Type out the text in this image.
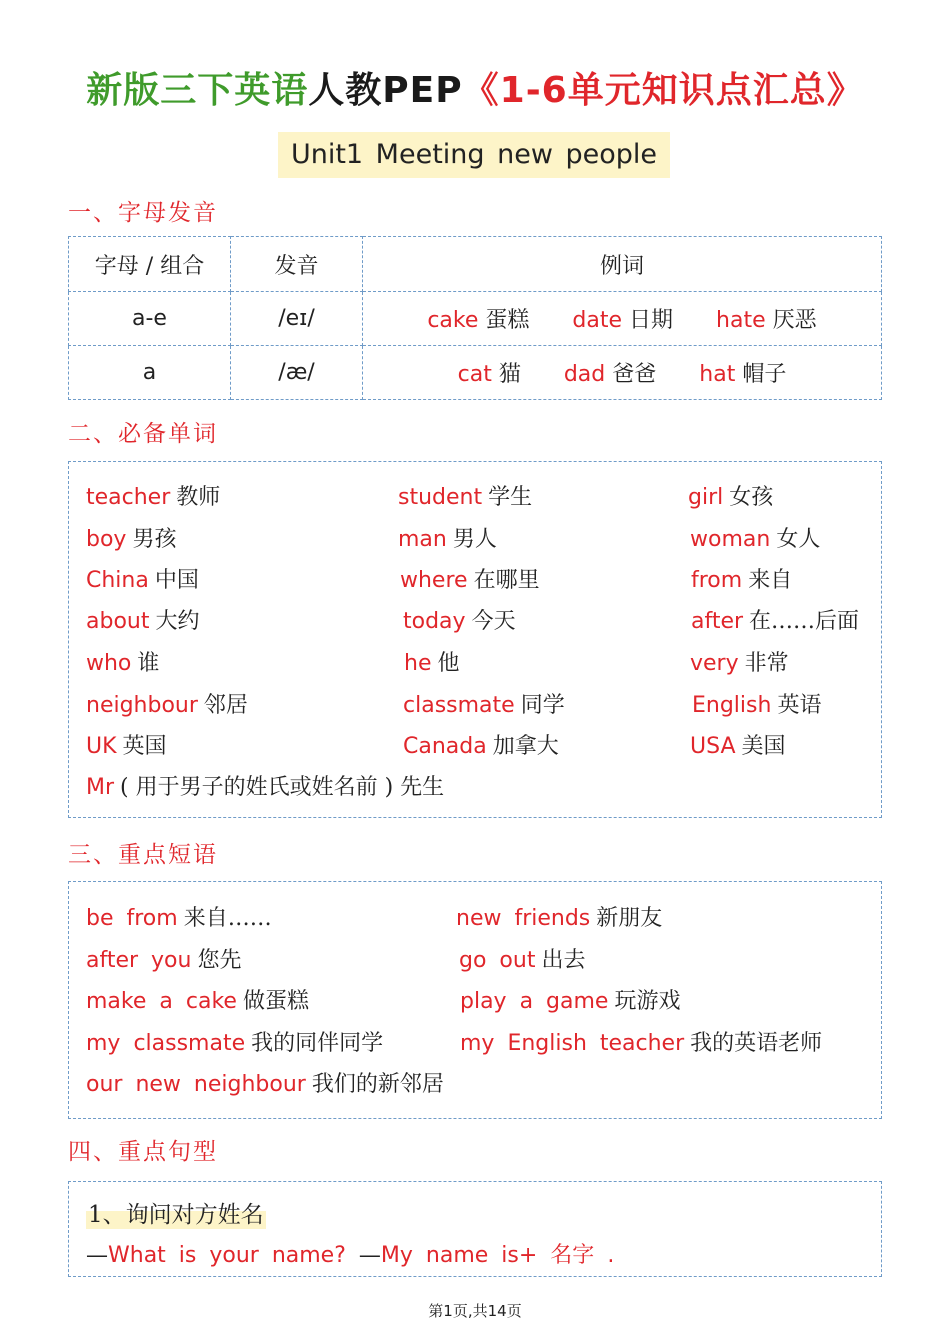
新版三下英语人教PEP《1-6单元知识点汇总》
Unit1 Meeting new people
一、字母发音
字母 / 组合	发音	例词
a-e	/eɪ/	cake 蛋糕 date 日期 hate 厌恶
a	/æ/	cat 猫 dad 爸爸 hat 帽子
二、必备单词
teacher 教师	student 学生	girl 女孩
boy 男孩	man 男人	woman 女人
China 中国	where 在哪里	from 来自
about 大约	today 今天	after 在……后面
who 谁	he 他	very 非常
neighbour 邻居	classmate 同学	English 英语
UK 英国	Canada 加拿大	USA 美国
Mr ( 用于男子的姓氏或姓名前 ) 先生
三、重点短语
be from 来自……	new friends 新朋友
after you 您先	go out 出去
make a cake 做蛋糕	play a game 玩游戏
my classmate 我的同伴同学	my English teacher 我的英语老师
our new neighbour 我们的新邻居
四、重点句型
1、询问对方姓名
—What is your name? —My name is+ 名字 .
第1页,共14页
